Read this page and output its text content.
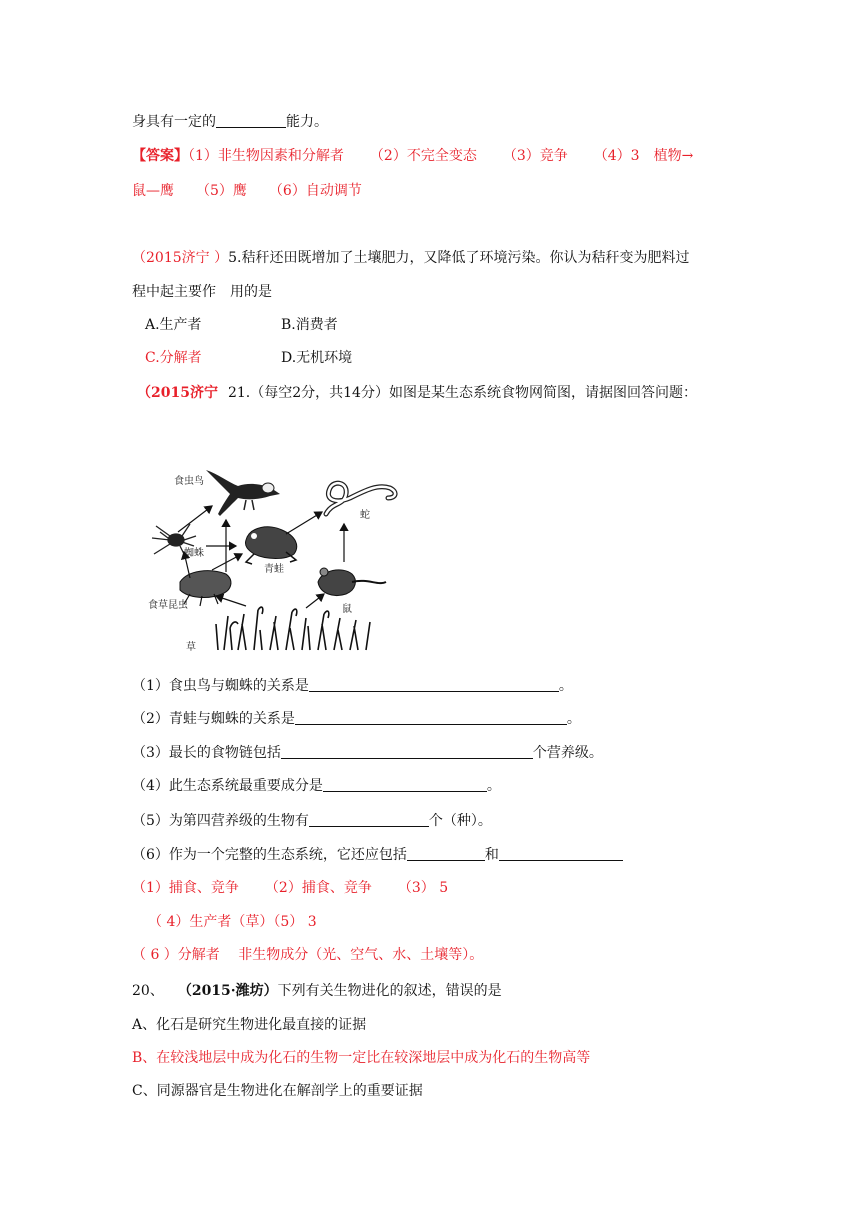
身具有一定的	能力。
【答案】（1）非生物因素和分解者 （2）不完全变态 （3）竞争 （4）3　植物→
鼠—鹰 （5）鹰 （6）自动调节
（2015济宁 ）5.秸秆还田既增加了土壤肥力，又降低了环境污染。你认为秸秆变为肥料过
程中起主要作　用的是
A.生产者	B.消费者
C.分解者	D.无机环境
（2015济宁 21.（每空2分，共14分）如图是某生态系统食物网简图，请据图回答问题：
食虫鸟
蛇
蜘蛛
青蛙
食草昆虫	鼠
草
（1）食虫鸟与蜘蛛的关系是	。
（2）青蛙与蜘蛛的关系是	。
（3）最长的食物链包括	个营养级。
（4）此生态系统最重要成分是	。
（5）为第四营养级的生物有	个（种）。
（6）作为一个完整的生态系统，它还应包括	和
（1）捕食、竞争 （2）捕食、竞争 （3） 5
（ 4）生产者（草）（5） 3
（ 6 ）分解者　 非生物成分（光、空气、水、土壤等）。
20、 （2015·潍坊）下列有关生物进化的叙述，错误的是
A、化石是研究生物进化最直接的证据
B、在较浅地层中成为化石的生物一定比在较深地层中成为化石的生物高等
C、同源器官是生物进化在解剖学上的重要证据
